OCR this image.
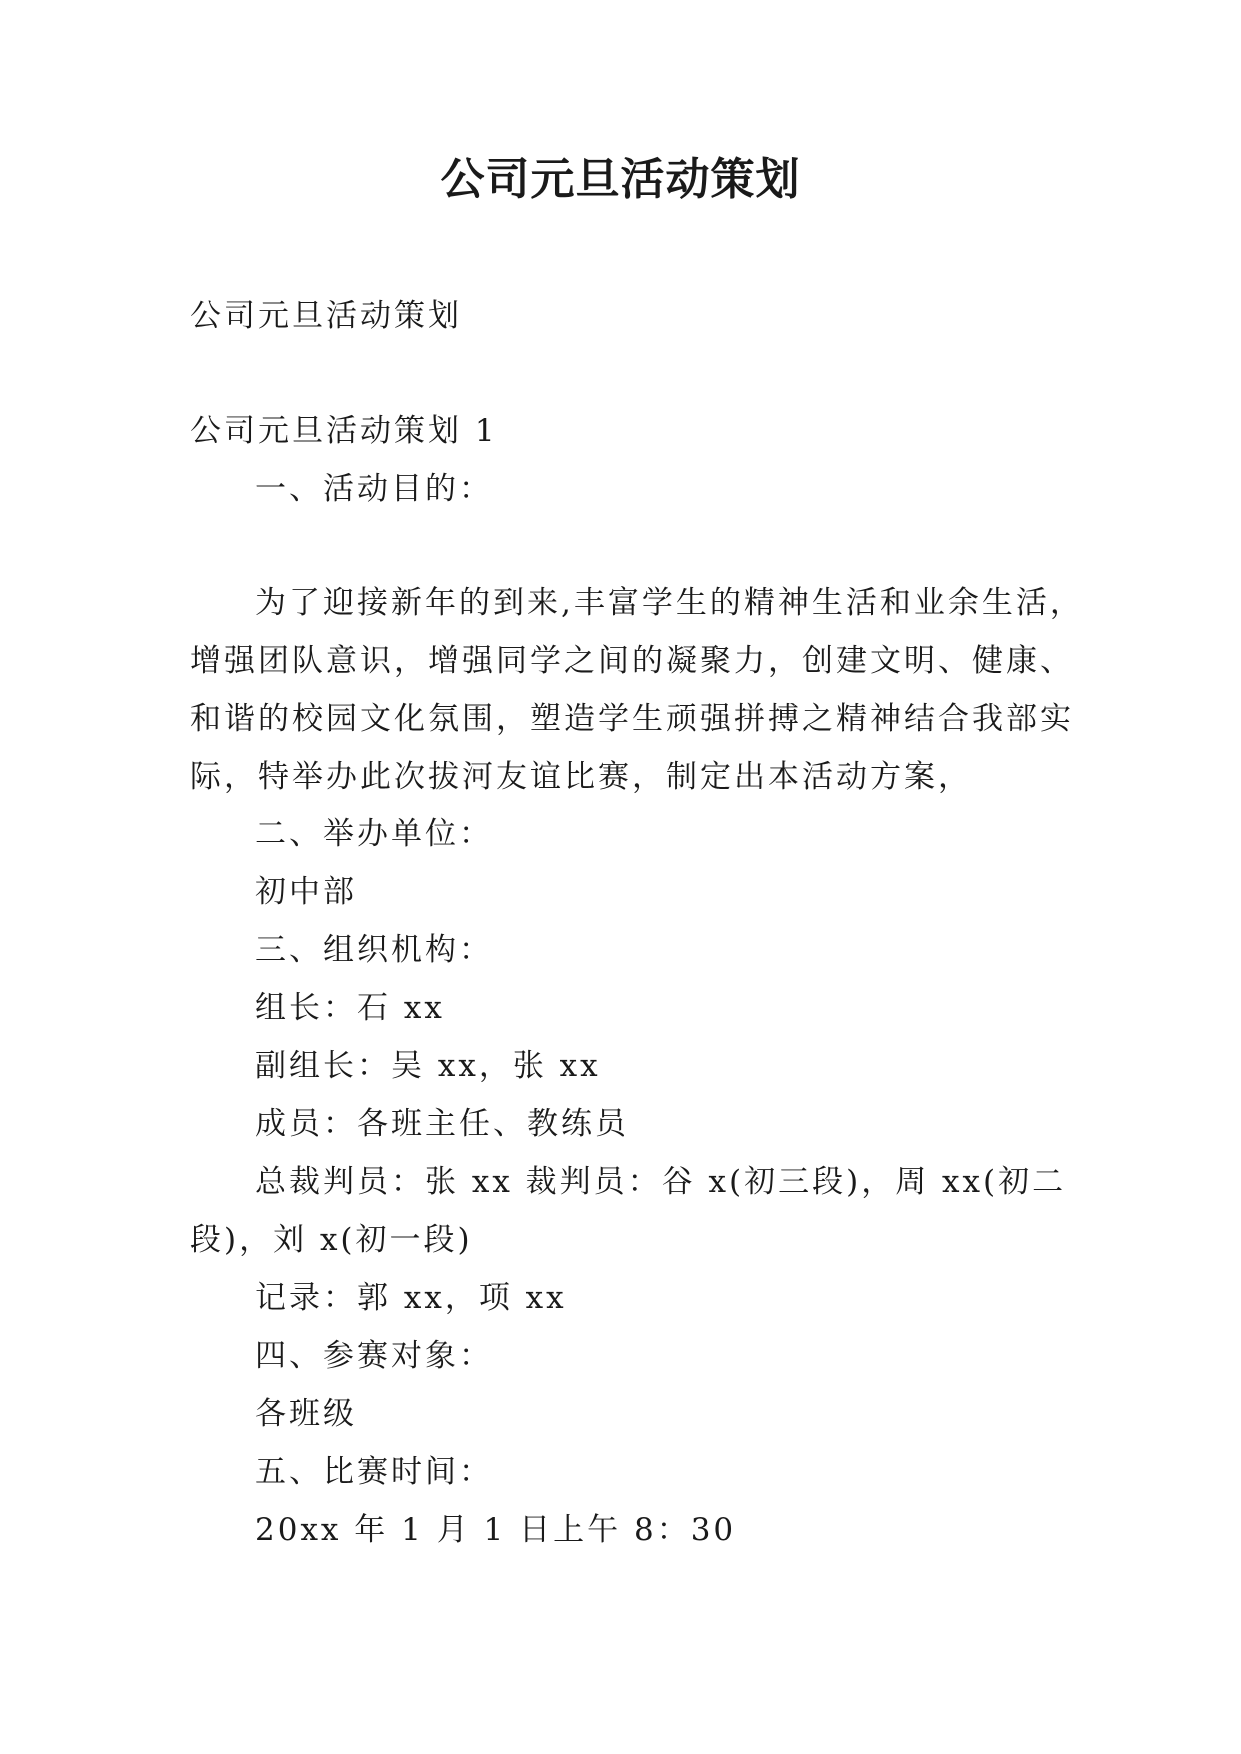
公司元旦活动策划

公司元旦活动策划

公司元旦活动策划 1

一、活动目的：

为了迎接新年的到来,丰富学生的精神生活和业余生活，

增强团队意识，增强同学之间的凝聚力，创建文明、健康、

和谐的校园文化氛围，塑造学生顽强拼搏之精神结合我部实

际，特举办此次拔河友谊比赛，制定出本活动方案，

二、举办单位：

初中部

三、组织机构：

组长：石 xx

副组长：吴 xx，张 xx

成员：各班主任、教练员

总裁判员：张 xx 裁判员：谷 x(初三段)，周 xx(初二

段)，刘 x(初一段)

记录：郭 xx，项 xx

四、参赛对象：

各班级

五、比赛时间：

20xx 年 1 月 1 日上午 8：30
